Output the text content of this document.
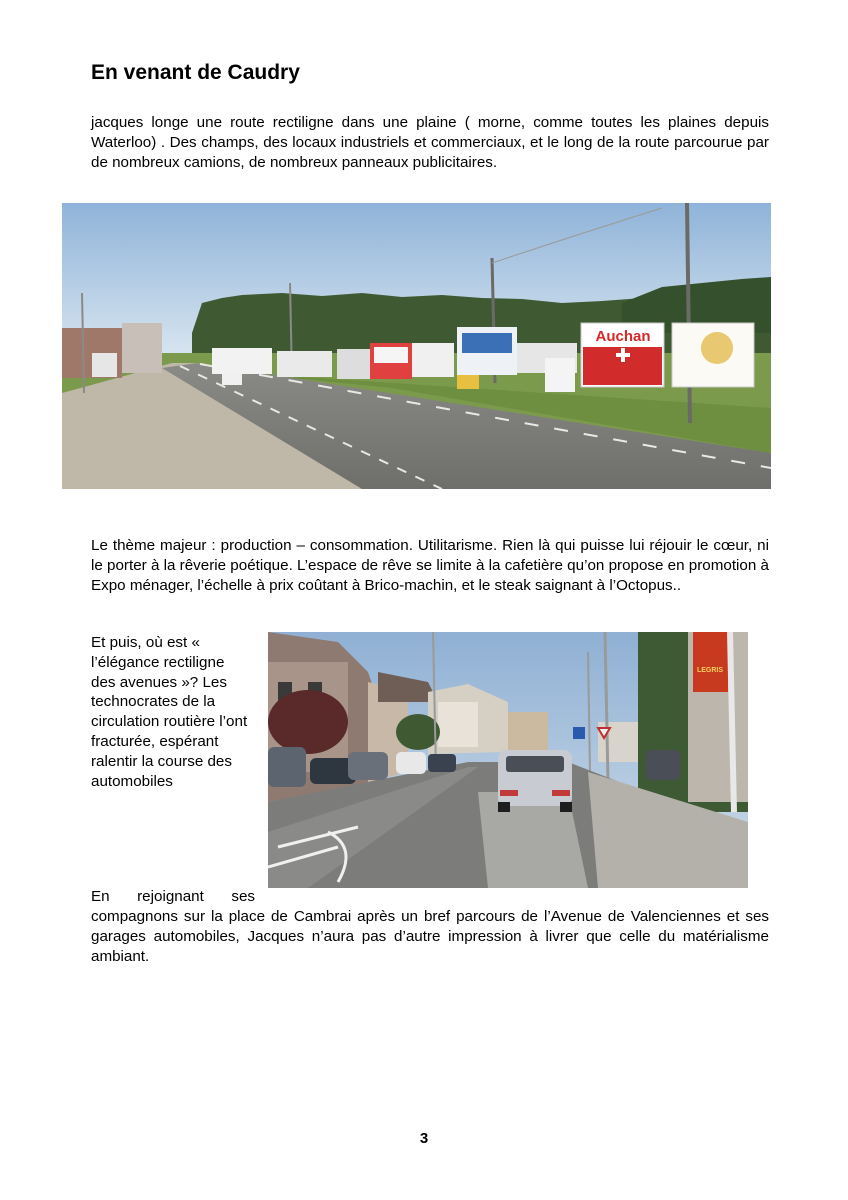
En venant de Caudry

jacques longe une route rectiligne dans une plaine ( morne, comme toutes les plaines depuis Waterloo) . Des champs, des locaux industriels et commerciaux, et le long de la route parcourue par de nombreux camions, de nombreux panneaux publicitaires.

Auchan

Le thème majeur : production – consommation. Utilitarisme. Rien là qui puisse lui réjouir le cœur, ni le porter à la rêverie poétique. L’espace de rêve se limite à la cafetière qu’on propose en promotion à Expo ménager, l’échelle à prix coûtant à Brico-machin, et le steak saignant à l’Octopus..

Et puis, où est « l’élégance rectiligne des avenues »? Les technocrates de la circulation routière l’ont fracturée, espérant ralentir la course des automobiles

LEGRIS

En rejoignant ses

compagnons sur la place de Cambrai après un bref parcours de l’Avenue de Valenciennes et ses garages automobiles, Jacques n’aura pas d’autre impression à livrer que celle du matérialisme ambiant.

3
